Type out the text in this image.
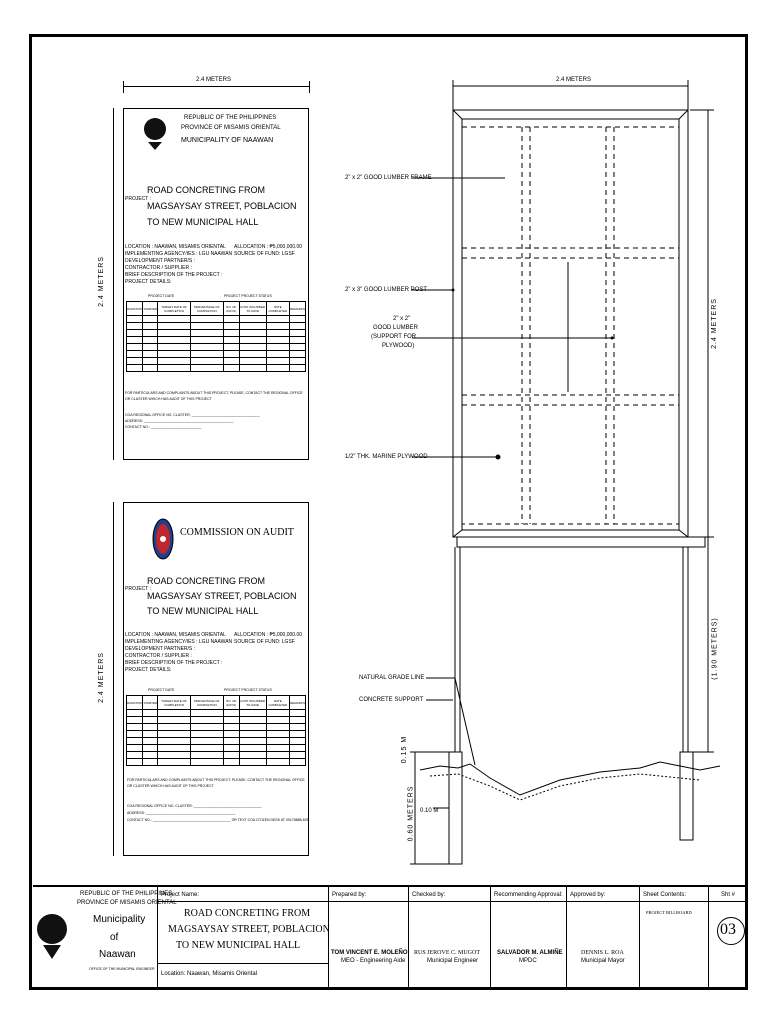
2.4 METERS
2.4 METERS
REPUBLIC OF THE PHILIPPINES
PROVINCE OF MISAMIS ORIENTAL
MUNICIPALITY OF NAAWAN
PROJECT :
ROAD CONCRETING FROM
MAGSAYSAY STREET, POBLACION
TO NEW MUNICIPAL HALL
LOCATION : NAAWAN, MISAMIS ORIENTAL
IMPLEMENTING AGENCY/IES : LGU NAAWAN
DEVELOPMENT PARTNER/S :
CONTRACTOR / SUPPLIER :
BRIEF DESCRIPTION OF THE PROJECT :
PROJECT DETAILS:
ALLOCATION : ₱5,000,000.00
SOURCE OF FUND: LGSF
PROJECT DATE	PROJECT PROJECT STATUS
DURATION	STARTED	TARGET DATE OF COMPLETION	PERCENTAGE OF COMPLETION	NO. OF (DAYS)	COST INCURRED TO DATE	DATE COMPLETED	REMARKS

FOR PARTICULARS AND COMPLAINTS ABOUT THIS PROJECT, PLEASE, CONTACT THE REGIONAL OFFICE
OR CLUSTER WHICH HAS AUDIT OF THIS PROJECT
COA REGIONAL OFFICE NO. CLUSTER: ___________________________________
ADDRESS: ______________________________________________
CONTACT NO.: __________________________
2.4 METERS
COMMISSION ON AUDIT
PROJECT :
ROAD CONCRETING FROM
MAGSAYSAY STREET, POBLACION
TO NEW MUNICIPAL HALL
LOCATION : NAAWAN, MISAMIS ORIENTAL
IMPLEMENTING AGENCY/IES : LGU NAAWAN
DEVELOPMENT PARTNER/S :
CONTRACTOR / SUPPLIER :
BRIEF DESCRIPTION OF THE PROJECT :
PROJECT DETAILS:
ALLOCATION : ₱5,000,000.00
SOURCE OF FUND: LGSF
PROJECT DATE	PROJECT PROJECT STATUS
DURATION	STARTED	TARGET DATE OF COMPLETION	PERCENTAGE OF COMPLETION	NO. OF (DAYS)	COST INCURRED TO DATE	DATE COMPLETED	REMARKS

FOR PARTICULARS AND COMPLAINTS ABOUT THIS PROJECT, PLEASE, CONTACT THE REGIONAL OFFICE
OR CLUSTER WHICH HAS AUDIT OF THIS PROJECT
COA REGIONAL OFFICE NO. CLUSTER: ___________________________________
ADDRESS: ______________________________________________
CONTACT NO.: ________________________________________ OR TEXT COA CITIZEN DESK AT 09178888-MIT
2.4 METERS
2.4 METERS
(1.90 METERS)
0.15 M
0.60 METERS 0.10 M
2" x 2" GOOD LUMBER FRAME
2" x 3" GOOD LUMBER POST
2" x 2"
GOOD LUMBER
(SUPPORT FOR
PLYWOOD)
1/2" THK. MARINE PLYWOOD
NATURAL GRADE LINE
CONCRETE SUPPORT
REPUBLIC OF THE PHILIPPINES
PROVINCE OF MISAMIS ORIENTAL
Municipality
of
Naawan
OFFICE OF THE MUNICIPAL ENGINEER
Project Name:
ROAD CONCRETING FROM
MAGSAYSAY STREET, POBLACION
TO NEW MUNICIPAL HALL
Location: Naawan, Misamis Oriental
Prepared by:
TOM VINCENT E. MOLEÑO
MEO - Engineering Aide
Checked by:
RUS JEROVE C. MUGOT
Municipal Engineer
Recommending Approval:
SALVADOR M. ALMIÑE
MPDC
Approved by:
DENNIS L. ROA
Municipal Mayor
Sheet Contents:
PROJECT BILLBOARD
Sht #
03
